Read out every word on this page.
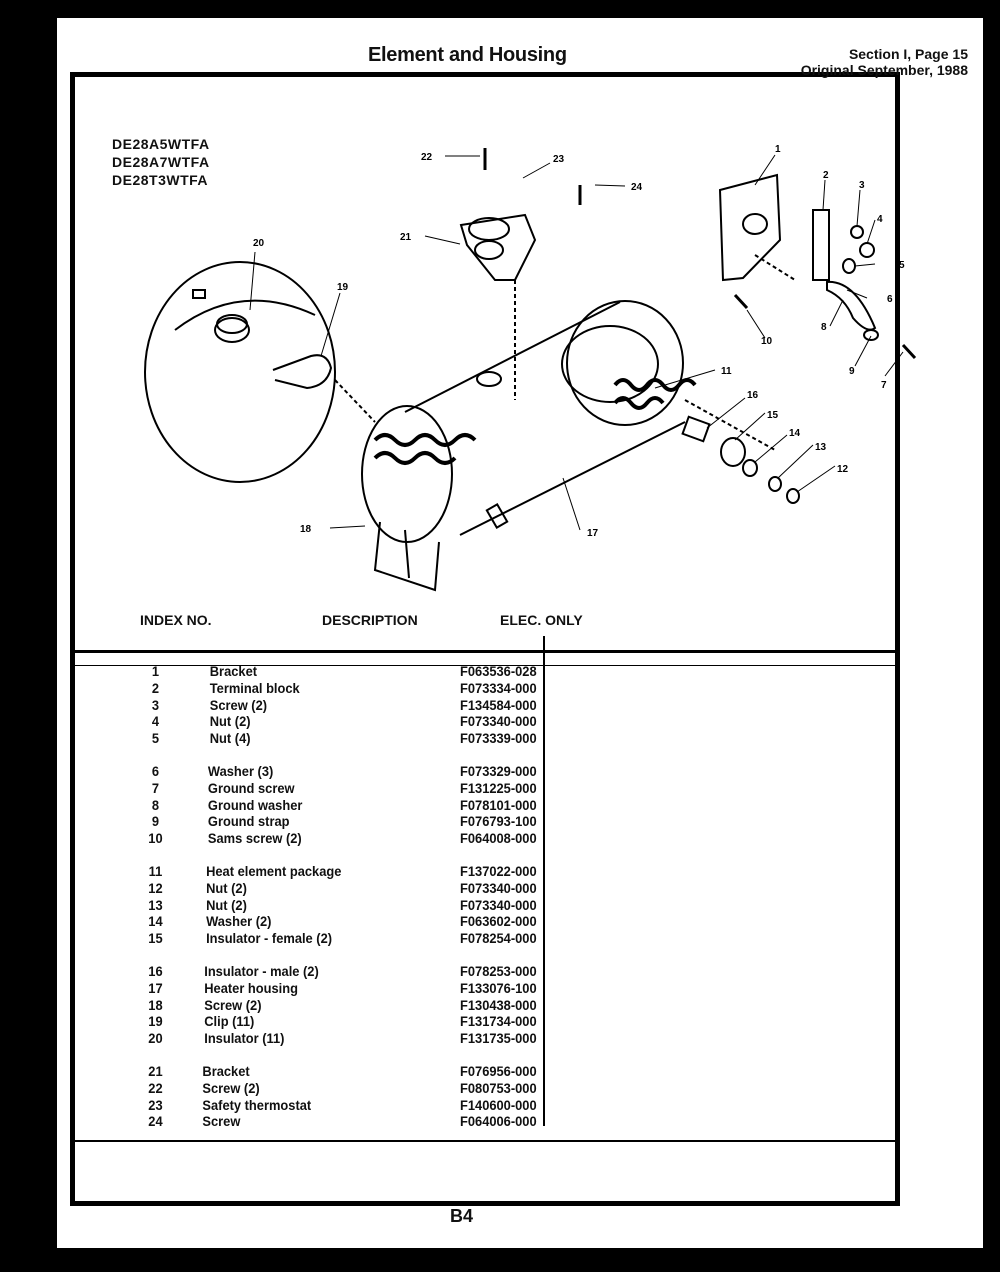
Element and Housing	Section I, Page 15
Original September, 1988
DE28A5WTFA
DE28A7WTFA
DE28T3WTFA
1
2
3
4
5
6
7
8
9
10
11
12
13
14
15
16
17
18
19
20
21
22	23
24
INDEX NO.	DESCRIPTION	ELEC. ONLY
1	Bracket	F063536-028
2	Terminal block	F073334-000
3	Screw (2)	F134584-000
4	Nut (2)	F073340-000
5	Nut (4)	F073339-000
6	Washer (3)	F073329-000
7	Ground screw	F131225-000
8	Ground washer	F078101-000
9	Ground strap	F076793-100
10	Sams screw (2)	F064008-000
11	Heat element package	F137022-000
12	Nut (2)	F073340-000
13	Nut (2)	F073340-000
14	Washer (2)	F063602-000
15	Insulator - female (2)	F078254-000
16	Insulator - male (2)	F078253-000
17	Heater housing	F133076-100
18	Screw (2)	F130438-000
19	Clip (11)	F131734-000
20	Insulator (11)	F131735-000
21	Bracket	F076956-000
22	Screw (2)	F080753-000
23	Safety thermostat	F140600-000
24	Screw	F064006-000
B4
